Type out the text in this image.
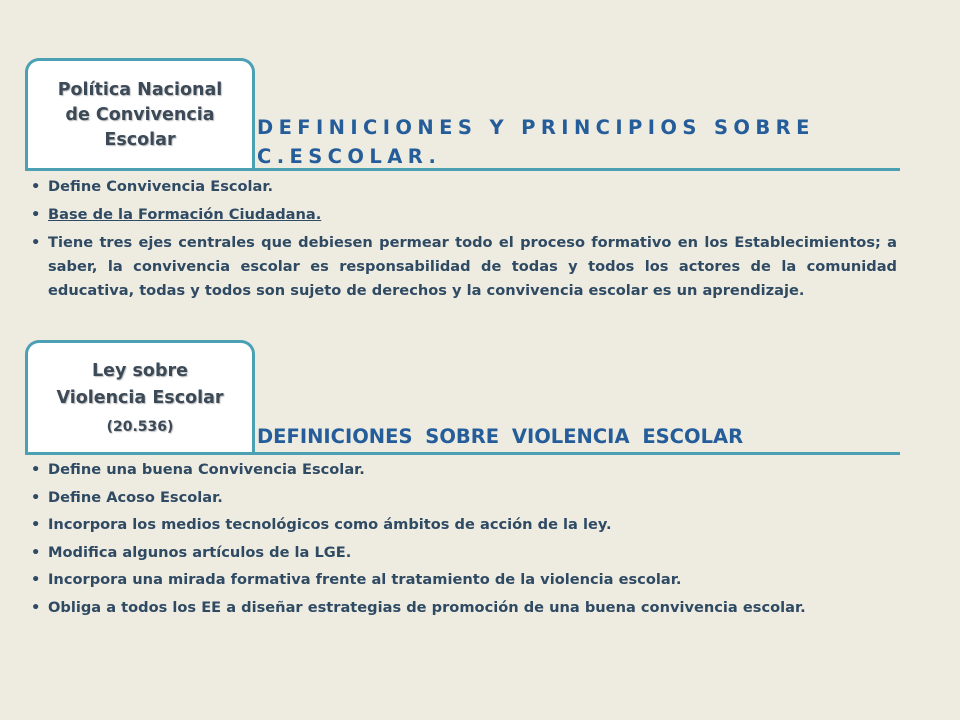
Política Nacional
de Convivencia
Escolar
DEFINICIONES Y PRINCIPIOS SOBRE
C.ESCOLAR.
• Define Convivencia Escolar.
• Base de la Formación Ciudadana.
• Tiene tres ejes centrales que debiesen permear todo el proceso formativo en los Establecimientos; a saber, la convivencia escolar es responsabilidad de todas y todos los actores de la comunidad educativa, todas y todos son sujeto de derechos y la convivencia escolar es un aprendizaje.
Ley sobre
Violencia Escolar
(20.536)	DEFINICIONES SOBRE VIOLENCIA ESCOLAR
• Define una buena Convivencia Escolar.
• Define Acoso Escolar.
• Incorpora los medios tecnológicos como ámbitos de acción de la ley.
• Modifica algunos artículos de la LGE.
• Incorpora una mirada formativa frente al tratamiento de la violencia escolar.
• Obliga a todos los EE a diseñar estrategias de promoción de una buena convivencia escolar.
